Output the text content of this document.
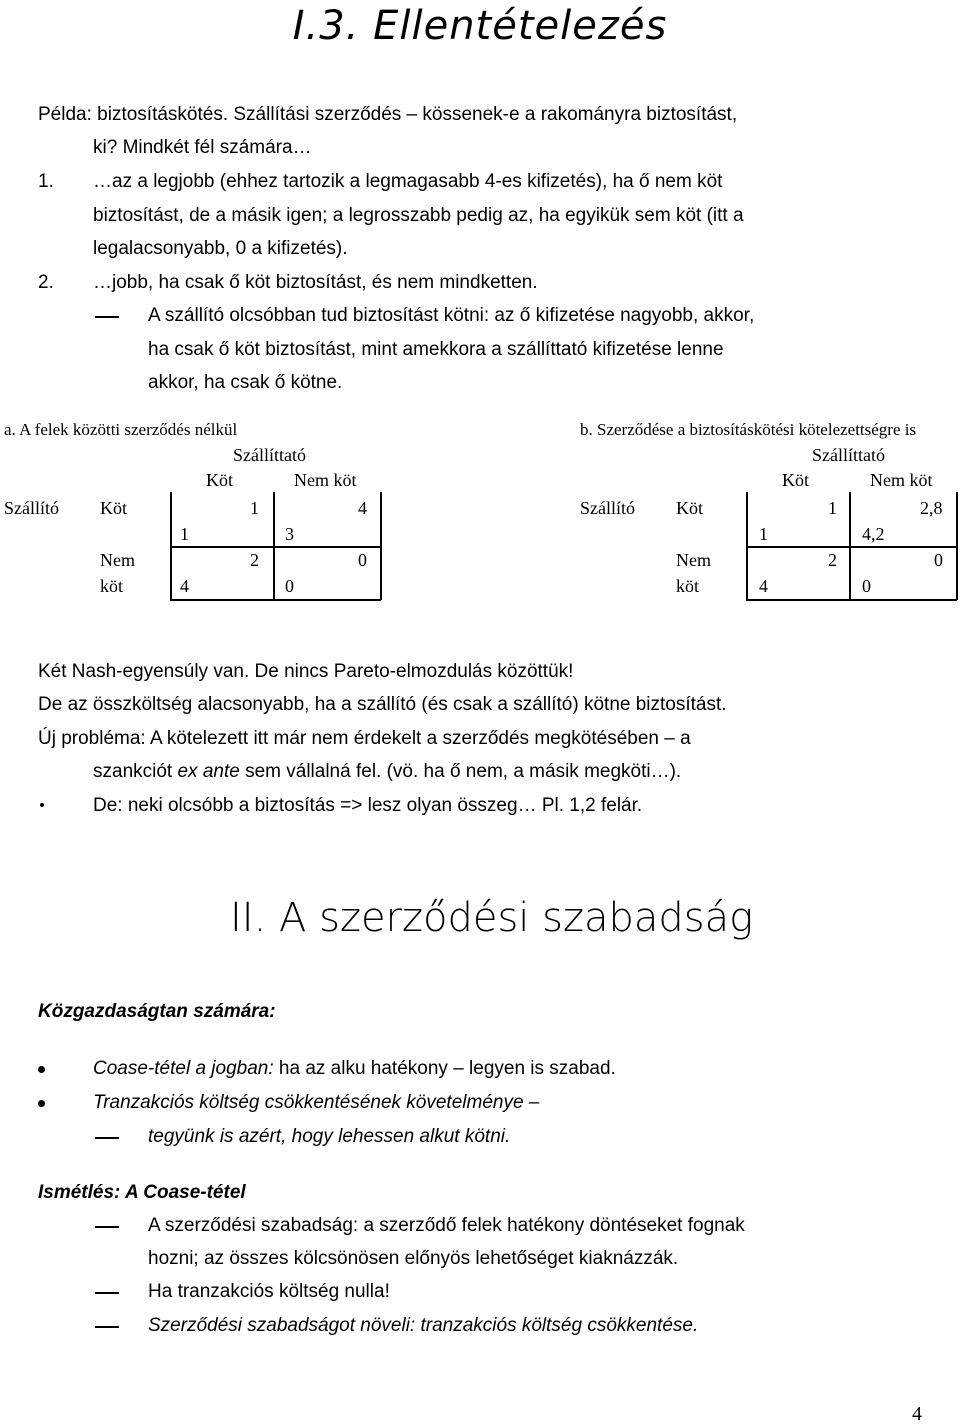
I.3. Ellentételezés
Példa: biztosításkötés. Szállítási szerződés – kössenek-e a rakományra biztosítást,
ki? Mindkét fél számára…
1. …az a legjobb (ehhez tartozik a legmagasabb 4-es kifizetés), ha ő nem köt
biztosítást, de a másik igen; a legrosszabb pedig az, ha egyikük sem köt (itt a
legalacsonyabb, 0 a kifizetés).
2. …jobb, ha csak ő köt biztosítást, és nem mindketten.
A szállító olcsóbban tud biztosítást kötni: az ő kifizetése nagyobb, akkor,
ha csak ő köt biztosítást, mint amekkora a szállíttató kifizetése lenne
akkor, ha csak ő kötne.
a. A felek közötti szerződés nélkül
Szállíttató
Köt	Nem köt
Szállító Köt
Nem
köt
1
1
4
3
2
4
0
0
b. Szerződése a biztosításkötési kötelezettségre is
Szállíttató
Köt	Nem köt
Szállító Köt
Nem
köt
1
1
2,8
4,2
2
4
0
0
Két Nash-egyensúly van. De nincs Pareto-elmozdulás közöttük!
De az összköltség alacsonyabb, ha a szállító (és csak a szállító) kötne biztosítást.
Új probléma: A kötelezett itt már nem érdekelt a szerződés megkötésében – a
szankciót ex ante sem vállalná fel. (vö. ha ő nem, a másik megköti…).
De: neki olcsóbb a biztosítás => lesz olyan összeg… Pl. 1,2 felár.
II. A szerződési szabadság
Közgazdaságtan számára:
Coase-tétel a jogban: ha az alku hatékony – legyen is szabad.
Tranzakciós költség csökkentésének követelménye –
tegyünk is azért, hogy lehessen alkut kötni.
Ismétlés: A Coase-tétel
A szerződési szabadság: a szerződő felek hatékony döntéseket fognak
hozni; az összes kölcsönösen előnyös lehetőséget kiaknázzák.
Ha tranzakciós költség nulla!
Szerződési szabadságot növeli: tranzakciós költség csökkentése.
4
